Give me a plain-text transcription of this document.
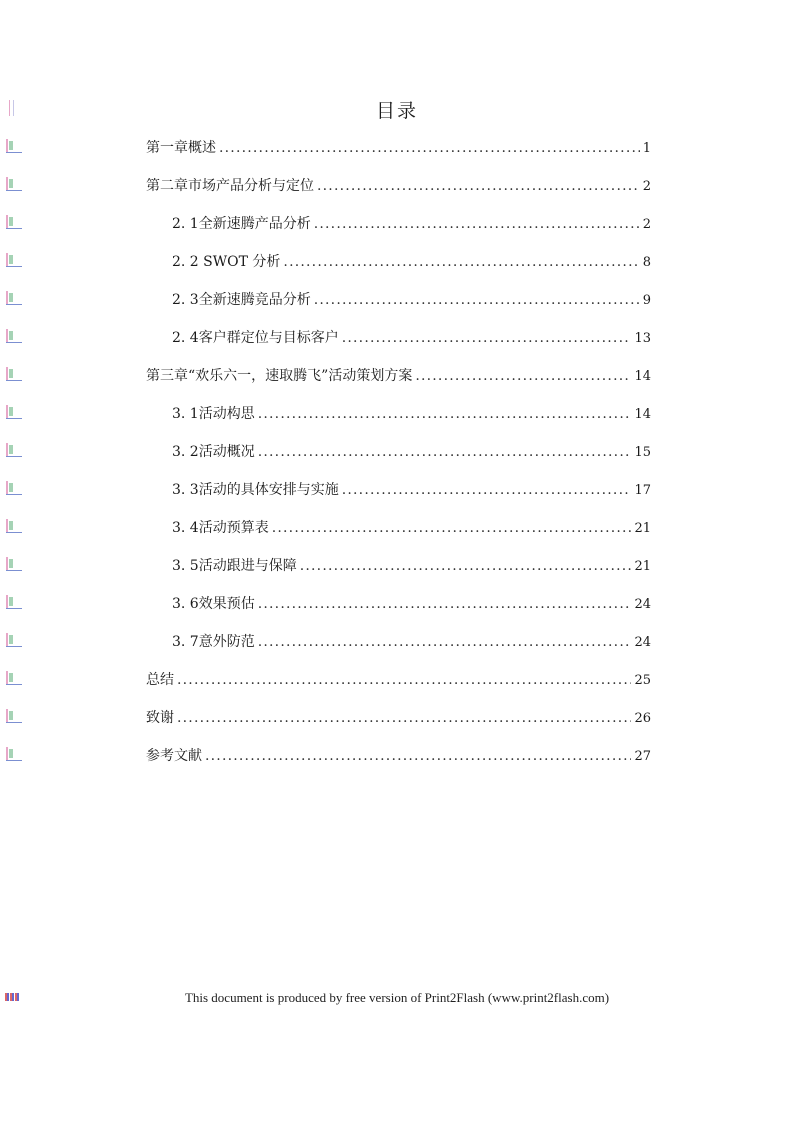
目录
第一章概述 .....	1
第二章市场产品分析与定位 .....	2
2. 1全新速腾产品分析 .....	2
2. 2 SWOT 分析 .....	8
2. 3全新速腾竞品分析 .....	9
2. 4客户群定位与目标客户 .....	13
第三章“欢乐六一，速取腾飞”活动策划方案 .....	14
3. 1活动构思 .....	14
3. 2活动概况 .....	15
3. 3活动的具体安排与实施 .....	17
3. 4活动预算表 .....	21
3. 5活动跟进与保障 .....	21
3. 6效果预估 .....	24
3. 7意外防范 .....	24
总结 .....	25
致谢 .....	26
参考文献 .....	27
This document is produced by free version of Print2Flash (www.print2flash.com)
